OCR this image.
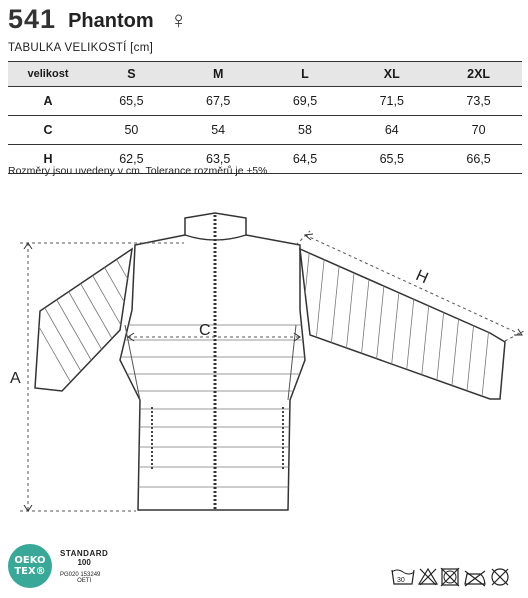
541 Phantom ♀
TABULKA VELIKOSTÍ [cm]
velikost	S	M	L	XL	2XL
A	65,5	67,5	69,5	71,5	73,5
C	50	54	58	64	70
H	62,5	63,5	64,5	65,5	66,5
Rozměry jsou uvedeny v cm. Tolerance rozměrů je ±5%
A
C
H
OEKO
TEX®
STANDARD
100
PG020 153249
OETI	30
